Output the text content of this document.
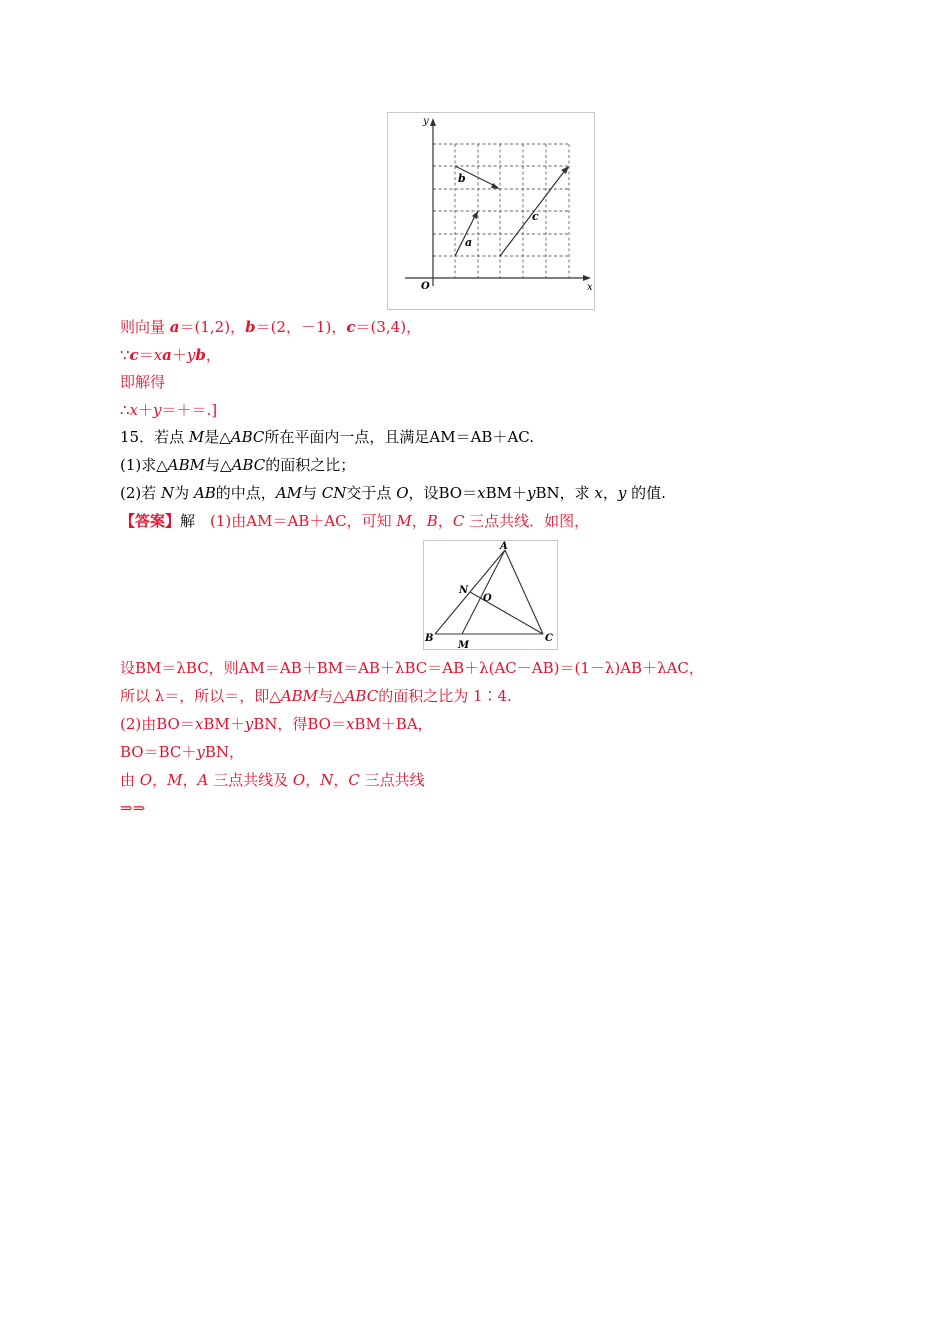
y
x
O
a
b
c
则向量 a＝(1,2)，b＝(2，－1)，c＝(3,4)，
∵c＝xa＋yb，
即解得
∴x＋y＝＋＝.]
15．若点 M是△ABC所在平面内一点，且满足AM＝AB＋AC.
(1)求△ABM与△ABC的面积之比；
(2)若 N为 AB的中点，AM与 CN交于点 O，设BO＝xBM＋yBN，求 x，y 的值.
【答案】解　(1)由AM＝AB＋AC，可知 M，B，C 三点共线．如图，
A
B	C
M
N
O
设BM＝λBC，则AM＝AB＋BM＝AB＋λBC＝AB＋λ(AC－AB)＝(1－λ)AB＋λAC，
所以 λ＝，所以＝，即△ABM与△ABC的面积之比为 1∶4.
(2)由BO＝xBM＋yBN，得BO＝xBM＋BA，
BO＝BC＋yBN，
由 O，M，A 三点共线及 O，N，C 三点共线
⇒⇒
